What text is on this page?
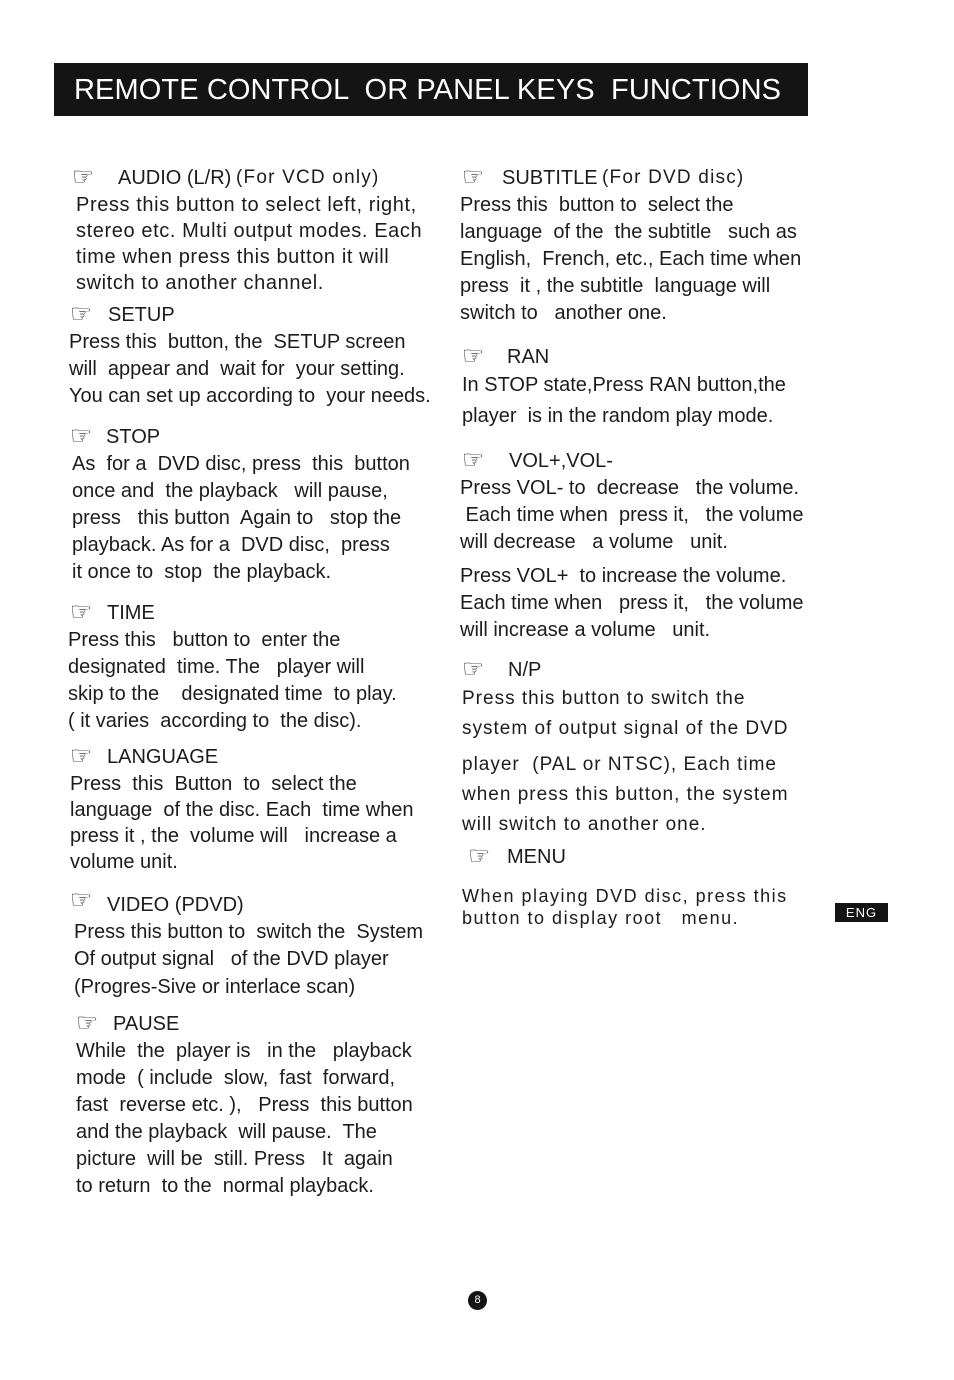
REMOTE CONTROL  OR PANEL KEYS  FUNCTIONS

☞

AUDIO (L/R)

(For VCD only)

Press this button to select left, right,
stereo etc. Multi output modes. Each
time when press this button it will
switch to another channel.

☞

SETUP

Press this  button, the  SETUP screen
will  appear and  wait for  your setting.
You can set up according to  your needs.

☞

STOP

As  for a  DVD disc, press  this  button
once and  the playback   will pause,
press   this button  Again to   stop the
playback. As for a  DVD disc,  press
it once to  stop  the playback.

☞

TIME

Press this   button to  enter the
designated  time. The   player will
skip to the    designated time  to play.
( it varies  according to  the disc).

☞

LANGUAGE

Press  this  Button  to  select the
language  of the disc. Each  time when
press it , the  volume will   increase a
volume unit.

☞

VIDEO (PDVD)

Press this button to  switch the  System
Of output signal   of the DVD player
(Progres-Sive or interlace scan)

☞

PAUSE

While  the  player is   in the   playback
mode  ( include  slow,  fast  forward,
fast  reverse etc. ),   Press  this button
and the playback  will pause.  The
picture  will be  still. Press   It  again
to return  to the  normal playback.

☞

SUBTITLE

(For DVD disc)

Press this  button to  select the
language  of the  the subtitle   such as
English,  French, etc., Each time when
press  it , the subtitle  language will
switch to   another one.

☞

RAN

In STOP state,Press RAN button,the
player  is in the random play mode.

☞

VOL+,VOL-

Press VOL- to  decrease   the volume.
Each time when  press it,   the volume
will decrease   a volume   unit.
Press VOL+  to increase the volume.
Each time when   press it,   the volume
will increase a volume   unit.

☞

N/P

Press this button to switch the
system of output signal of the DVD
player  (PAL or NTSC), Each time
when press this button, the system
will switch to another one.

☞

MENU

When playing DVD disc, press this
button to display root   menu.	ENG
8
